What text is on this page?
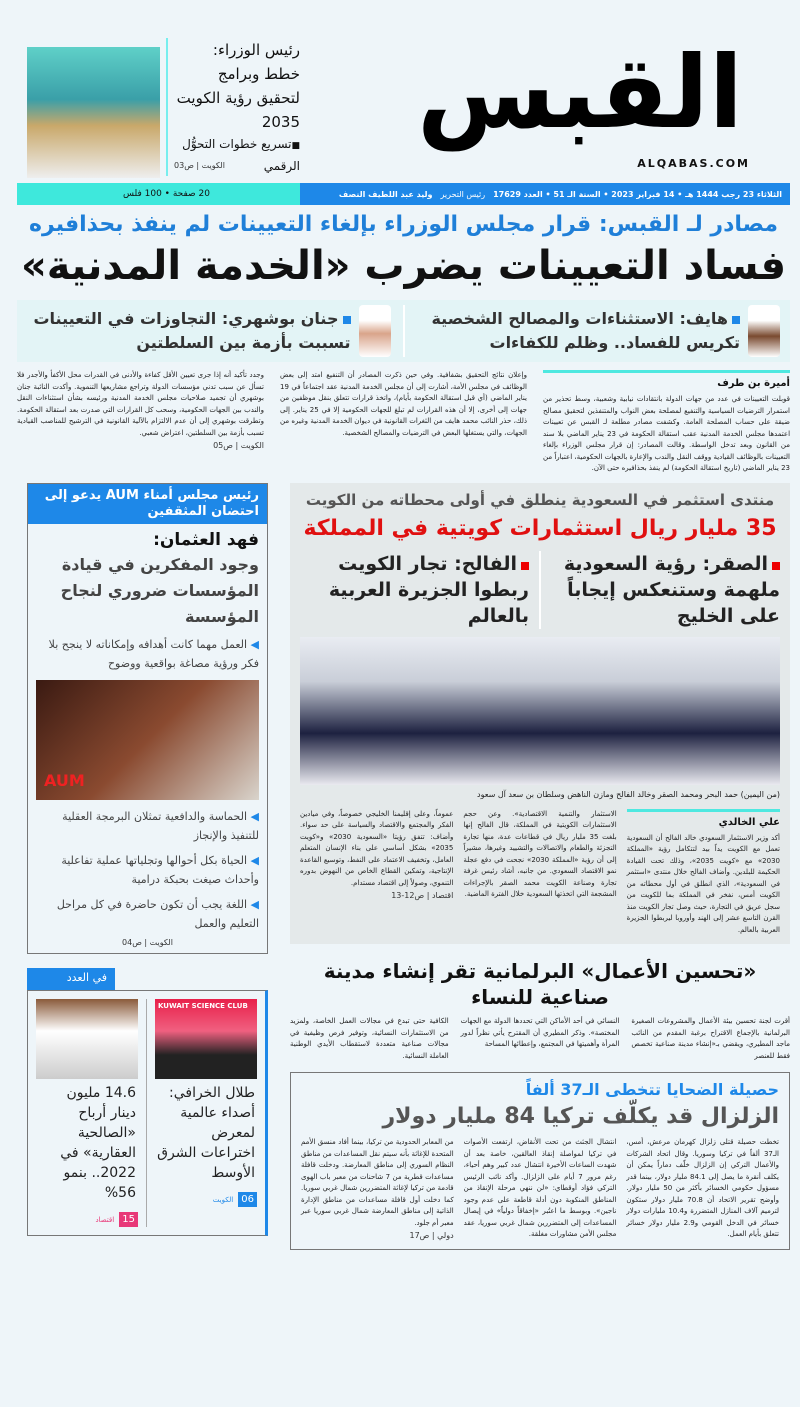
القبس
ALQABAS.COM
رئيس الوزراء: خطط وبرامج لتحقيق رؤية الكويت 2035

■تسريع خطوات التحوُّل الرقمي
الكويت | ص03

الثلاثاء 23 رجب 1444 هـ • 14 فبراير 2023 • السنة الـ 51 • العدد 17629
رئيس التحرير
وليد عبد اللطيف النصف
20 صفحة • 100 فلس
مصادر لـ القبس: قرار مجلس الوزراء بإلغاء التعيينات لم ينفذ بحذافيره
فساد التعيينات يضرب «الخدمة المدنية»
هايف: الاستثناءات والمصالح الشخصية تكريس للفساد.. وظلم للكفاءات
جنان بوشهري: التجاوزات في التعيينات تسببت بأزمة بين السلطتين
أميرة بن طرف
قوبلت التعيينات في عدد من جهات الدولة بانتقادات نيابية وشعبية، وسط تحذير من استمرار الترضيات السياسية والتنفيع لمصلحة بعض النواب والمتنفذين لتحقيق مصالح ضيقة على حساب المصلحة العامة. وكشفت مصادر مطلعة لـ القبس عن تعيينات اعتمدها مجلس الخدمة المدنية عقب استقالة الحكومة في 23 يناير الماضي بلا سند من القانون وبعد تدخل الواسطة. وقالت المصادر: إن قرار مجلس الوزراء بإلغاء التعيينات بالوظائف القيادية ووقف النقل والندب والإعارة بالجهات الحكومية، اعتباراً من 23 يناير الماضي (تاريخ استقالة الحكومة) لم ينفذ بحذافيره حتى الآن.
وإعلان نتائج التحقيق بشفافية. وفي حين ذكرت المصادر أن التنفيع امتد إلى بعض الوظائف في مجلس الأمة، أشارت إلى أن مجلس الخدمة المدنية عقد اجتماعاً في 19 يناير الماضي (أي قبل استقالة الحكومة بأيام)، واتخذ قرارات تتعلق بنقل موظفين من جهات إلى أخرى، إلا أن هذه القرارات لم تبلغ للجهات الحكومية إلا في 25 يناير. إلى ذلك، حذر النائب محمد هايف من الثغرات القانونية في ديوان الخدمة المدنية وغيره من الجهات، والتي يستغلها البعض في الترضيات والمصالح الشخصية.
وجدد تأكيد أنه إذا جرى تعيين الأقل كفاءة والأدنى في القدرات محل الأكفأ والأجدر فلا تسأل عن سبب تدني مؤسسات الدولة وتراجع مشاريعها التنموية. وأكدت النائبة جنان بوشهري أن تجميد صلاحيات مجلس الخدمة المدنية ورئيسه بشأن استثناءات النقل والندب بين الجهات الحكومية، وسحب كل القرارات التي صدرت بعد استقالة الحكومة. وتطرقت بوشهري إلى أن عدم الالتزام بالآلية القانونية في الترشيح للمناصب القيادية تسبب بأزمة بين السلطتين، اعتراض شعبي.
الكويت | ص05
منتدى استثمر في السعودية ينطلق في أولى محطاته من الكويت
35 مليار ريال استثمارات كويتية في المملكة
الصقر: رؤية السعودية ملهمة وستنعكس إيجاباً على الخليج
الفالح: تجار الكويت ربطوا الجزيرة العربية بالعالم
(من اليمين) حمد البحر ومحمد الصقر وخالد الفالح ومازن الناهض وسلطان بن سعد آل سعود
علي الخالدي
أكد وزير الاستثمار السعودي خالد الفالح أن السعودية تعمل مع الكويت يداً بيد لتتكامل رؤية «المملكة 2030» مع «كويت 2035»، وذلك تحت القيادة الحكيمة للبلدين. وأضاف الفالح خلال منتدى «استثمر في السعودية»، الذي انطلق في أول محطاته من الكويت أمس، نفخر في المملكة بما للكويت من سجل عريق في التجارة، حيث وصل تجار الكويت منذ القرن التاسع عشر إلى الهند وأوروبا ليربطوا الجزيرة العربية بالعالم.
الاستثمار والتنمية الاقتصادية». وعن حجم الاستثمارات الكويتية في المملكة، قال الفالح إنها بلغت 35 مليار ريال في قطاعات عدة، منها تجارة التجزئة والطعام والاتصالات والتشييد وغيرها، مشيراً إلى أن رؤية «المملكة 2030» نجحت في دفع عجلة نمو الاقتصاد السعودي. من جانبه، أشاد رئيس غرفة تجارة وصناعة الكويت محمد الصقر بالإجراءات المشجعة التي اتخذتها السعودية خلال الفترة الماضية.
عموماً، وعلى إقليمنا الخليجي خصوصاً، وفي ميادين الفكر والمجتمع والاقتصاد والسياسة على حد سواء. وأضاف: تتفق رؤيتا «السعودية 2030» و«كويت 2035» بشكل أساسي على بناء الإنسان المتعلم العامل، وتخفيف الاعتماد على النفط، وتوسيع القاعدة الإنتاجية، وتمكين القطاع الخاص من النهوض بدوره التنموي، وصولاً إلى اقتصاد مستدام.
اقتصاد | ص12-13
«تحسين الأعمال» البرلمانية تقر إنشاء مدينة صناعية للنساء
أقرت لجنة تحسين بيئة الأعمال والمشروعات الصغيرة البرلمانية بالإجماع الاقتراح برغبة المقدم من النائب ماجد المطيري، ويقضي بـ«إنشاء مدينة صناعية تخصص فقط للعنصر
النسائي في أحد الأماكن التي تحددها الدولة مع الجهات المختصة». وذكر المطيري أن المقترح يأتي نظراً لدور المرأة وأهميتها في المجتمع، وإعطائها المساحة
الكافية حتى تبدع في مجالات العمل الخاصة، ولمزيد من الاستثمارات النسائية، وتوفير فرص وظيفية في مجالات صناعية متعددة لاستقطاب الأيدي الوطنية العاملة النسائية.
حصيلة الضحايا تتخطى الـ37 ألفاً
الزلزال قد يكلّف تركيا 84 مليار دولار
تخطت حصيلة قتلى زلزال كهرمان مرعش، أمس، الـ37 ألفاً في تركيا وسوريا. وقال اتحاد الشركات والأعمال التركي إن الزلزال خلّف دماراً يمكن أن يكلف أنقرة ما يصل إلى 84.1 مليار دولار، بينما قدر مسؤول حكومي الخسائر بأكثر من 50 مليار دولار. وأوضح تقرير الاتحاد أن 70.8 مليار دولار ستكون لترميم آلاف المنازل المتضررة و10.4 مليارات دولار خسائر في الدخل القومي و2.9 مليار دولار خسائر تتعلق بأيام العمل.
انتشال الجثث من تحت الأنقاض، ارتفعت الأصوات في تركيا لمواصلة إنقاذ العالقين، خاصة بعد أن شهدت الساعات الأخيرة انتشال عدد كبير وهم أحياء، رغم مرور 7 أيام على الزلزال. وأكد نائب الرئيس التركي فؤاد أوقطاي: «لن ننهي مرحلة الإنقاذ من المناطق المنكوبة دون أدلة قاطعة على عدم وجود ناجين». وبوسط ما اعتُبر «إخفاقاً دولياً» في إيصال المساعدات إلى المتضررين شمال غربي سوريا، عقد مجلس الأمن مشاورات مغلقة.
من المعابر الحدودية من تركيا، بينما أفاد منسق الأمم المتحدة للإغاثة بأنه سيتم نقل المساعدات من مناطق النظام السوري إلى مناطق المعارضة. ودخلت قافلة مساعدات قطرية من 7 شاحنات من معبر باب الهوى قادمة من تركيا لإغاثة المتضررين شمال غربي سوريا. كما دخلت أول قافلة مساعدات من مناطق الإدارة الذاتية إلى مناطق المعارضة شمال غربي سوريا عبر معبر أم جلود.
دولي | ص17
رئيس مجلس أمناء AUM يدعو إلى احتضان المثقفين
فهد العثمان:
وجود المفكرين في قيادة المؤسسات ضروري لنجاح المؤسسة
◀ العمل مهما كانت أهدافه وإمكاناته لا ينجح بلا فكر ورؤية مصاغة بواقعية ووضوح
AUM
◀ الحماسة والدافعية تمثلان البرمجة العقلية للتنفيذ والإنجاز
◀ الحياة بكل أحوالها وتجلياتها عملية تفاعلية وأحداث صيغت بحبكة درامية
◀ اللغة يجب أن تكون حاضرة في كل مراحل التعليم والعمل
الكويت | ص04
في العدد
KUWAIT SCIENCE CLUB

طلال الخرافي: أصداء عالمية لمعرض اختراعات الشرق الأوسط

06 الكويت

14.6 مليون دينار أرباح «الصالحية العقارية» في 2022.. بنمو 56%

15 اقتصاد
